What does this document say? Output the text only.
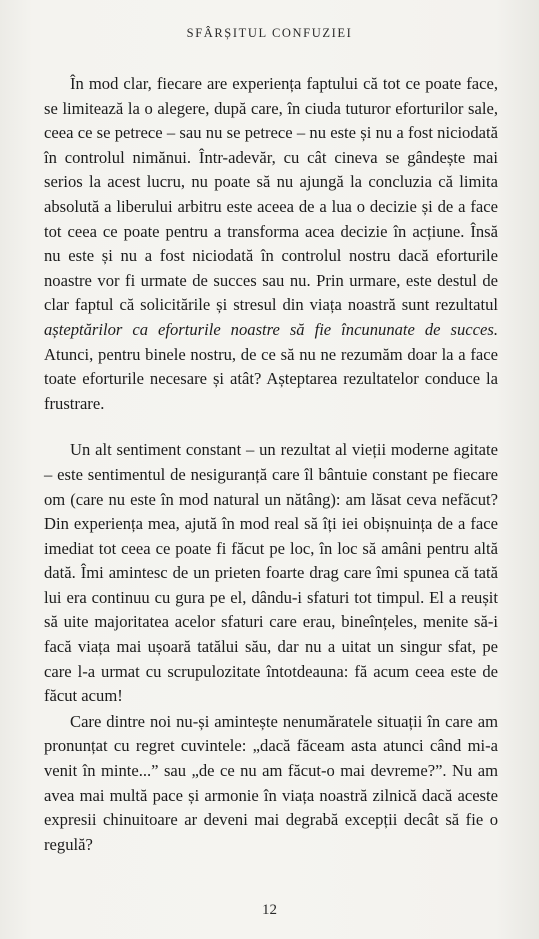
SFÂRȘITUL CONFUZIEI

În mod clar, fiecare are experiența faptului că tot ce poate face, se limitează la o alegere, după care, în ciuda tuturor eforturilor sale, ceea ce se petrece – sau nu se petrece – nu este și nu a fost niciodată în controlul nimănui. Într-adevăr, cu cât cineva se gândește mai serios la acest lucru, nu poate să nu ajungă la concluzia că limita absolută a liberului arbitru este aceea de a lua o decizie și de a face tot ceea ce poate pentru a transforma acea decizie în acțiune. Însă nu este și nu a fost niciodată în controlul nostru dacă eforturile noastre vor fi urmate de succes sau nu. Prin urmare, este destul de clar faptul că solicitările și stresul din viața noastră sunt rezultatul așteptărilor ca eforturile noastre să fie încununate de succes. Atunci, pentru binele nostru, de ce să nu ne rezumăm doar la a face toate eforturile necesare și atât? Așteptarea rezultatelor conduce la frustrare.

Un alt sentiment constant – un rezultat al vieții moderne agitate – este sentimentul de nesiguranță care îl bântuie constant pe fiecare om (care nu este în mod natural un nătâng): am lăsat ceva nefăcut? Din experiența mea, ajută în mod real să îți iei obișnuința de a face imediat tot ceea ce poate fi făcut pe loc, în loc să amâni pentru altă dată. Îmi amintesc de un prieten foarte drag care îmi spunea că tată lui era continuu cu gura pe el, dându-i sfaturi tot timpul. El a reușit să uite majoritatea acelor sfaturi care erau, bineînțeles, menite să-i facă viața mai ușoară tatălui său, dar nu a uitat un singur sfat, pe care l-a urmat cu scrupulozitate întotdeauna: fă acum ceea este de făcut acum!

Care dintre noi nu-și amintește nenumăratele situații în care am pronunțat cu regret cuvintele: „dacă făceam asta atunci când mi-a venit în minte...” sau „de ce nu am făcut-o mai devreme?”. Nu am avea mai multă pace și armonie în viața noastră zilnică dacă aceste expresii chinuitoare ar deveni mai degrabă excepții decât să fie o regulă?

12
